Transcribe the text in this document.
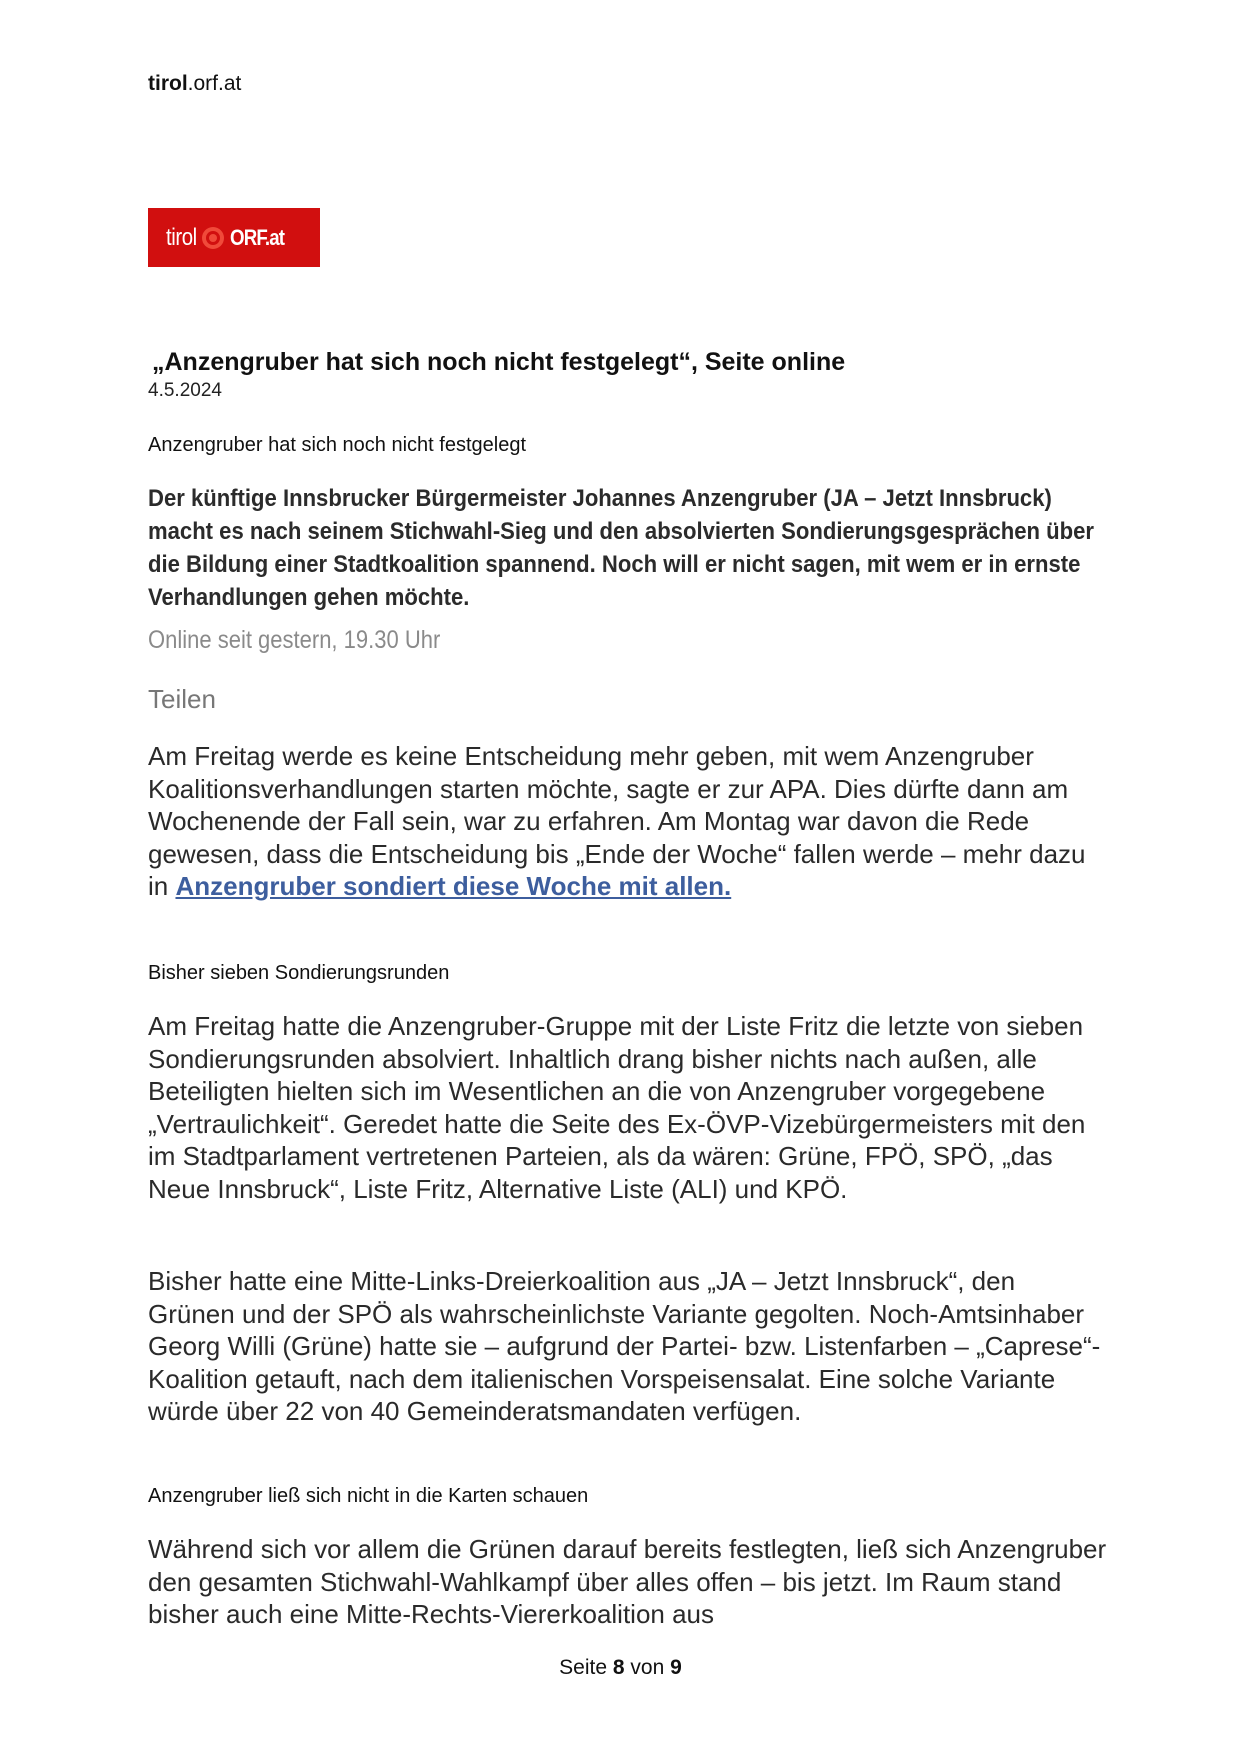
tirol.orf.at
tirol ORF.at
„Anzengruber hat sich noch nicht festgelegt“, Seite online
4.5.2024
Anzengruber hat sich noch nicht festgelegt
Der künftige Innsbrucker Bürgermeister Johannes Anzengruber (JA – Jetzt Innsbruck) macht es nach seinem Stichwahl-Sieg und den absolvierten Sondierungsgesprächen über die Bildung einer Stadtkoalition spannend. Noch will er nicht sagen, mit wem er in ernste Verhandlungen gehen möchte.
Online seit gestern, 19.30 Uhr
Teilen
Am Freitag werde es keine Entscheidung mehr geben, mit wem Anzengruber Koalitionsverhandlungen starten möchte, sagte er zur APA. Dies dürfte dann am Wochenende der Fall sein, war zu erfahren. Am Montag war davon die Rede gewesen, dass die Entscheidung bis „Ende der Woche“ fallen werde – mehr dazu in Anzengruber sondiert diese Woche mit allen.
Bisher sieben Sondierungsrunden
Am Freitag hatte die Anzengruber-Gruppe mit der Liste Fritz die letzte von sieben Sondierungsrunden absolviert. Inhaltlich drang bisher nichts nach außen, alle Beteiligten hielten sich im Wesentlichen an die von Anzengruber vorgegebene „Vertraulichkeit“. Geredet hatte die Seite des Ex-ÖVP-Vizebürgermeisters mit den im Stadtparlament vertretenen Parteien, als da wären: Grüne, FPÖ, SPÖ, „das Neue Innsbruck“, Liste Fritz, Alternative Liste (ALI) und KPÖ.
Bisher hatte eine Mitte-Links-Dreierkoalition aus „JA – Jetzt Innsbruck“, den Grünen und der SPÖ als wahrscheinlichste Variante gegolten. Noch-Amtsinhaber Georg Willi (Grüne) hatte sie – aufgrund der Partei- bzw. Listenfarben – „Caprese“-Koalition getauft, nach dem italienischen Vorspeisensalat. Eine solche Variante würde über 22 von 40 Gemeinderatsmandaten verfügen.
Anzengruber ließ sich nicht in die Karten schauen
Während sich vor allem die Grünen darauf bereits festlegten, ließ sich Anzengruber den gesamten Stichwahl-Wahlkampf über alles offen – bis jetzt. Im Raum stand bisher auch eine Mitte-Rechts-Viererkoalition aus
Seite 8 von 9
